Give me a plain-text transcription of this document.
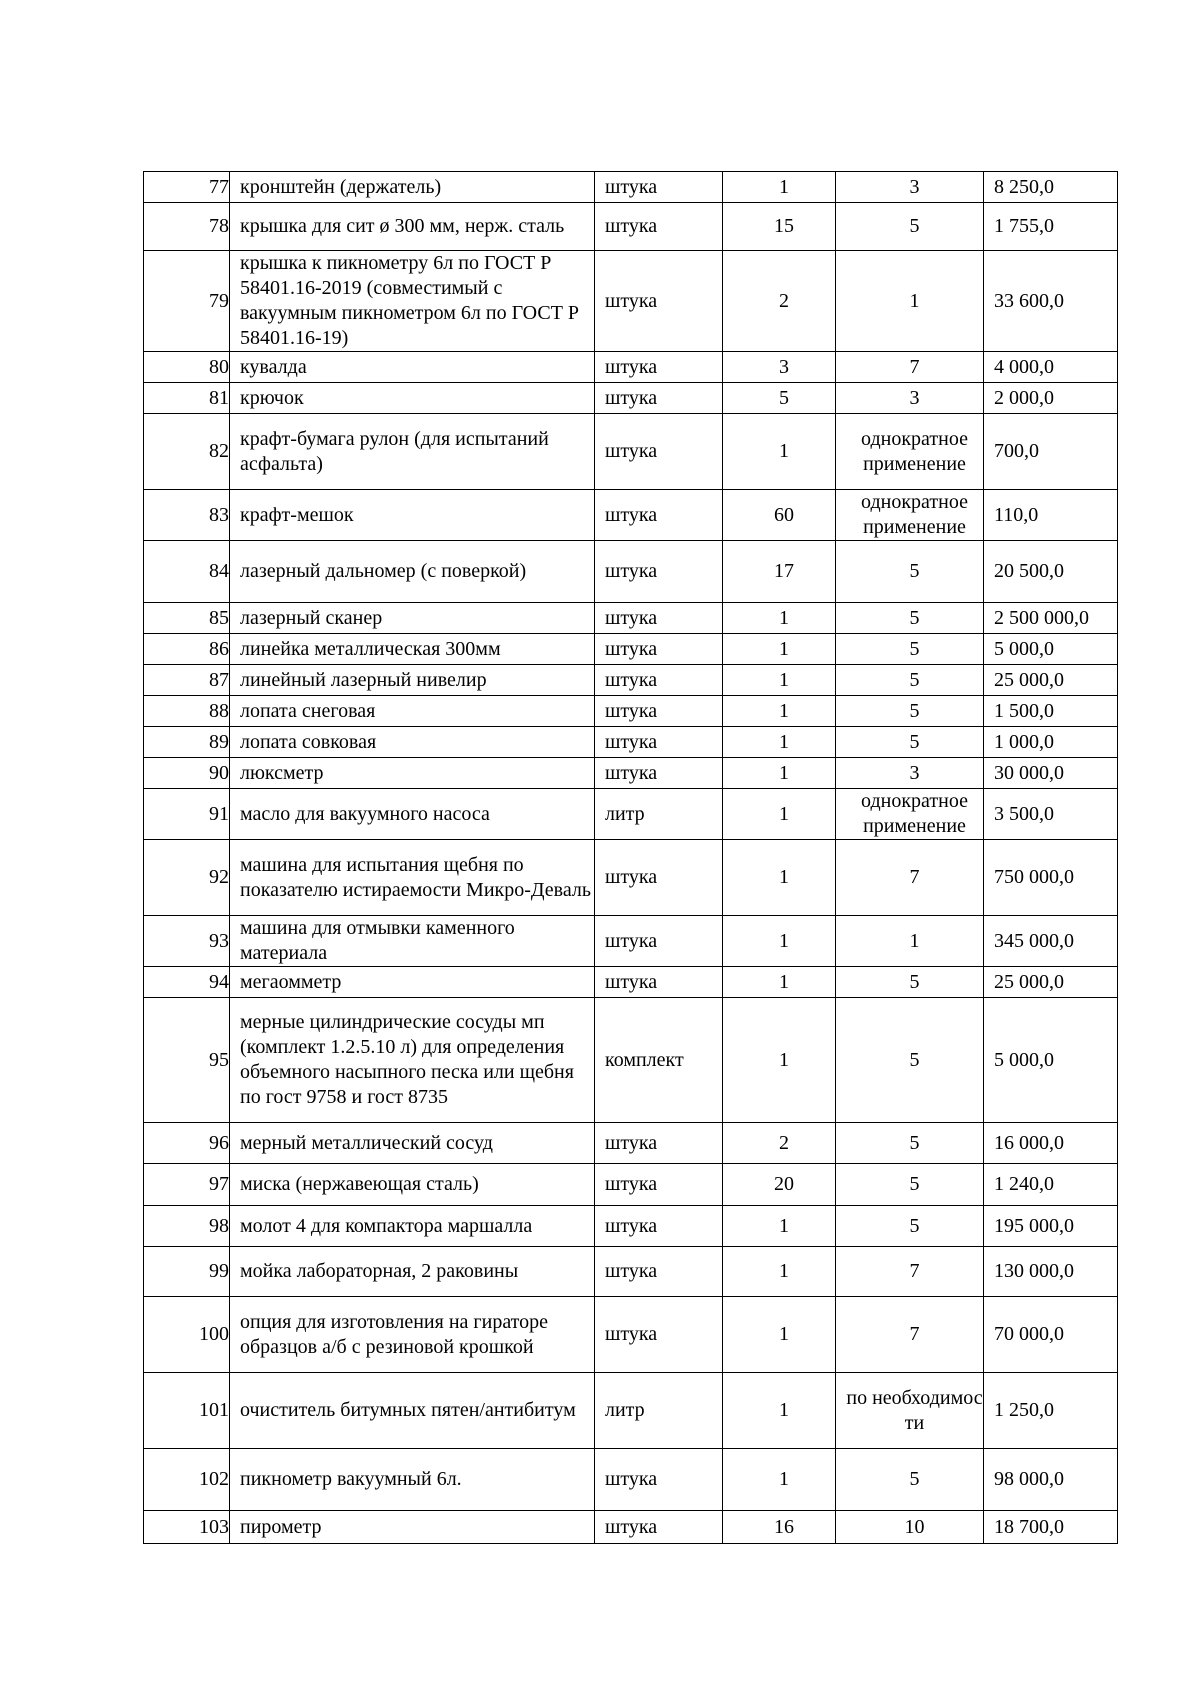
77	кронштейн (держатель)	штука	1	3	8 250,0
78	крышка для сит ø 300 мм, нерж. сталь	штука	15	5	1 755,0
79	крышка к пикнометру 6л по ГОСТ Р 58401.16-2019 (совместимый с вакуумным пикнометром 6л по ГОСТ Р 58401.16-19)	штука	2	1	33 600,0
80	кувалда	штука	3	7	4 000,0
81	крючок	штука	5	3	2 000,0
82	крафт-бумага рулон (для испытаний асфальта)	штука	1	однократное применение	700,0
83	крафт-мешок	штука	60	однократное применение	110,0
84	лазерный дальномер (с поверкой)	штука	17	5	20 500,0
85	лазерный сканер	штука	1	5	2 500 000,0
86	линейка металлическая 300мм	штука	1	5	5 000,0
87	линейный лазерный нивелир	штука	1	5	25 000,0
88	лопата снеговая	штука	1	5	1 500,0
89	лопата совковая	штука	1	5	1 000,0
90	люксметр	штука	1	3	30 000,0
91	масло для вакуумного насоса	литр	1	однократное применение	3 500,0
92	машина для испытания щебня по показателю истираемости Микро-Деваль	штука	1	7	750 000,0
93	машина для отмывки каменного материала	штука	1	1	345 000,0
94	мегаомметр	штука	1	5	25 000,0
95	мерные цилиндрические сосуды мп (комплект 1.2.5.10 л) для определения объемного насыпного песка или щебня по гост 9758 и гост 8735	комплект	1	5	5 000,0
96	мерный металлический сосуд	штука	2	5	16 000,0
97	миска (нержавеющая сталь)	штука	20	5	1 240,0
98	молот 4 для компактора маршалла	штука	1	5	195 000,0
99	мойка лабораторная, 2 раковины	штука	1	7	130 000,0
100	опция для изготовления на гираторе образцов а/б с резиновой крошкой	штука	1	7	70 000,0
101	очиститель битумных пятен/антибитум	литр	1	по необходимос ти	1 250,0
102	пикнометр вакуумный 6л.	штука	1	5	98 000,0
103	пирометр	штука	16	10	18 700,0
